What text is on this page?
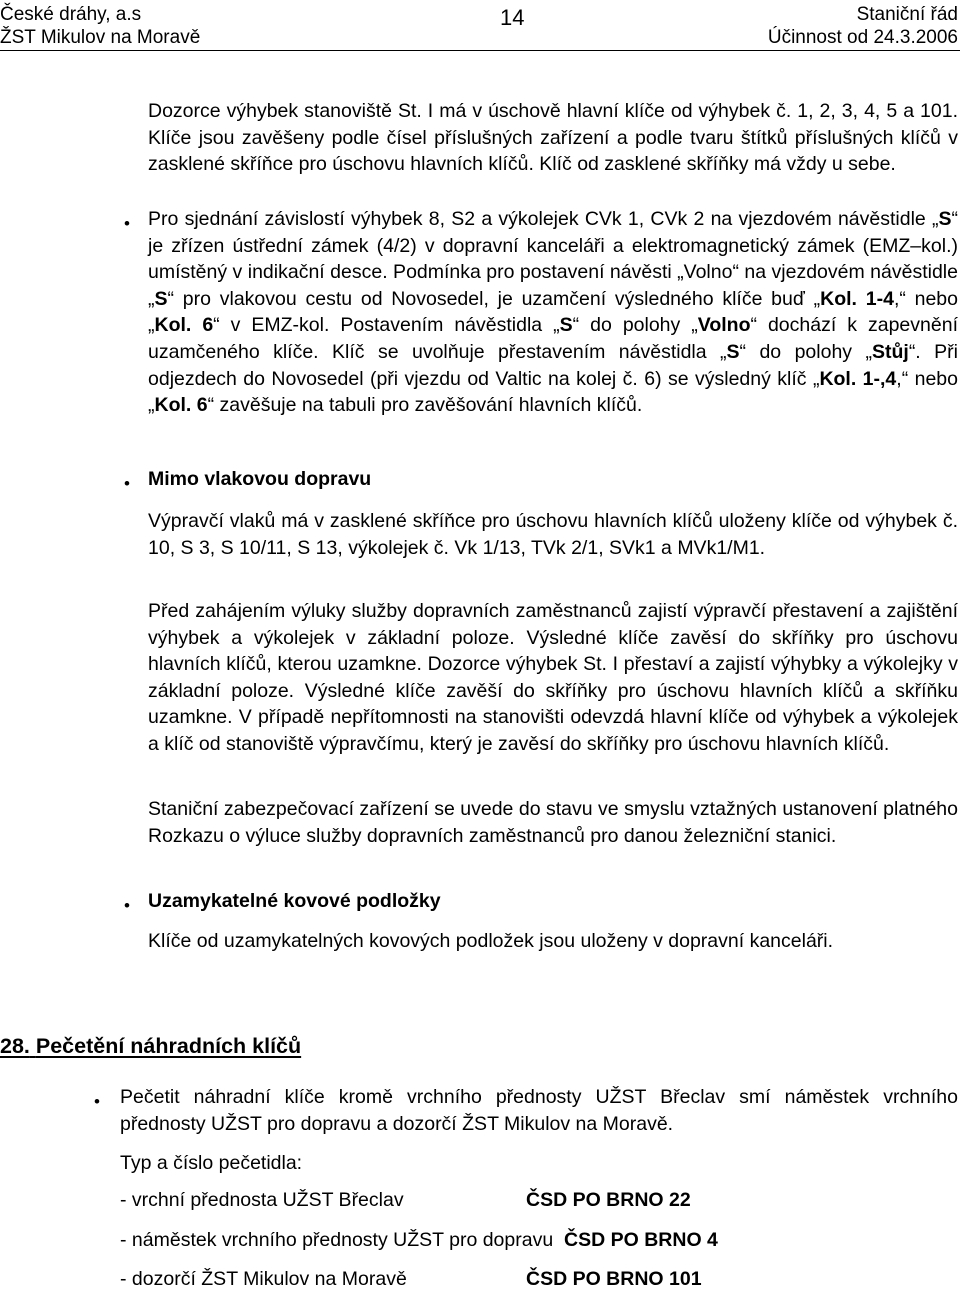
České dráhy, a.s
ŽST Mikulov na Moravě
14	Staniční řád
Účinnost od 24.3.2006
Dozorce výhybek stanoviště St. I má v úschově hlavní klíče od výhybek č. 1, 2, 3, 4, 5 a 101. Klíče jsou zavěšeny podle čísel příslušných zařízení a podle tvaru štítků příslušných klíčů v zasklené skříňce pro úschovu hlavních klíčů. Klíč od zasklené skříňky má vždy u sebe.
• Pro sjednání závislostí výhybek 8, S2 a výkolejek CVk 1, CVk 2 na vjezdovém návěstidle „S“ je zřízen ústřední zámek (4/2) v dopravní kanceláři a elektromagnetický zámek (EMZ–kol.) umístěný v indikační desce. Podmínka pro postavení návěsti „Volno“ na vjezdovém návěstidle „S“ pro vlakovou cestu od Novosedel, je uzamčení výsledného klíče buď „Kol. 1-4,“ nebo „Kol. 6“ v EMZ-kol. Postavením návěstidla „S“ do polohy „Volno“ dochází k zapevnění uzamčeného klíče. Klíč se uvolňuje přestavením návěstidla „S“ do polohy „Stůj“. Při odjezdech do Novosedel (při vjezdu od Valtic na kolej č. 6) se výsledný klíč „Kol. 1-,4,“ nebo „Kol. 6“ zavěšuje na tabuli pro zavěšování hlavních klíčů.
• Mimo vlakovou dopravu
Výpravčí vlaků má v zasklené skříňce pro úschovu hlavních klíčů uloženy klíče od výhybek č. 10, S 3, S 10/11, S 13, výkolejek č. Vk 1/13, TVk 2/1, SVk1 a MVk1/M1.
Před zahájením výluky služby dopravních zaměstnanců zajistí výpravčí přestavení a zajištění výhybek a výkolejek v základní poloze. Výsledné klíče zavěsí do skříňky pro úschovu hlavních klíčů, kterou uzamkne. Dozorce výhybek St. I přestaví a zajistí výhybky a výkolejky v základní poloze. Výsledné klíče zavěší do skříňky pro úschovu hlavních klíčů a skříňku uzamkne. V případě nepřítomnosti na stanovišti odevzdá hlavní klíče od výhybek a výkolejek a klíč od stanoviště výpravčímu, který je zavěsí do skříňky pro úschovu hlavních klíčů.
Staniční zabezpečovací zařízení se uvede do stavu ve smyslu vztažných ustanovení platného Rozkazu o výluce služby dopravních zaměstnanců pro danou železniční stanici.
• Uzamykatelné kovové podložky
Klíče od uzamykatelných kovových podložek jsou uloženy v dopravní kanceláři.
28. Pečetění náhradních klíčů
• Pečetit náhradní klíče kromě vrchního přednosty UŽST Břeclav smí náměstek vrchního přednosty UŽST pro dopravu a dozorčí ŽST Mikulov na Moravě.
Typ a číslo pečetidla:
- vrchní přednosta UŽST Břeclav	ČSD PO BRNO 22
- náměstek vrchního přednosty UŽST pro dopravu ČSD PO BRNO 4
- dozorčí ŽST Mikulov na Moravě	ČSD PO BRNO 101
